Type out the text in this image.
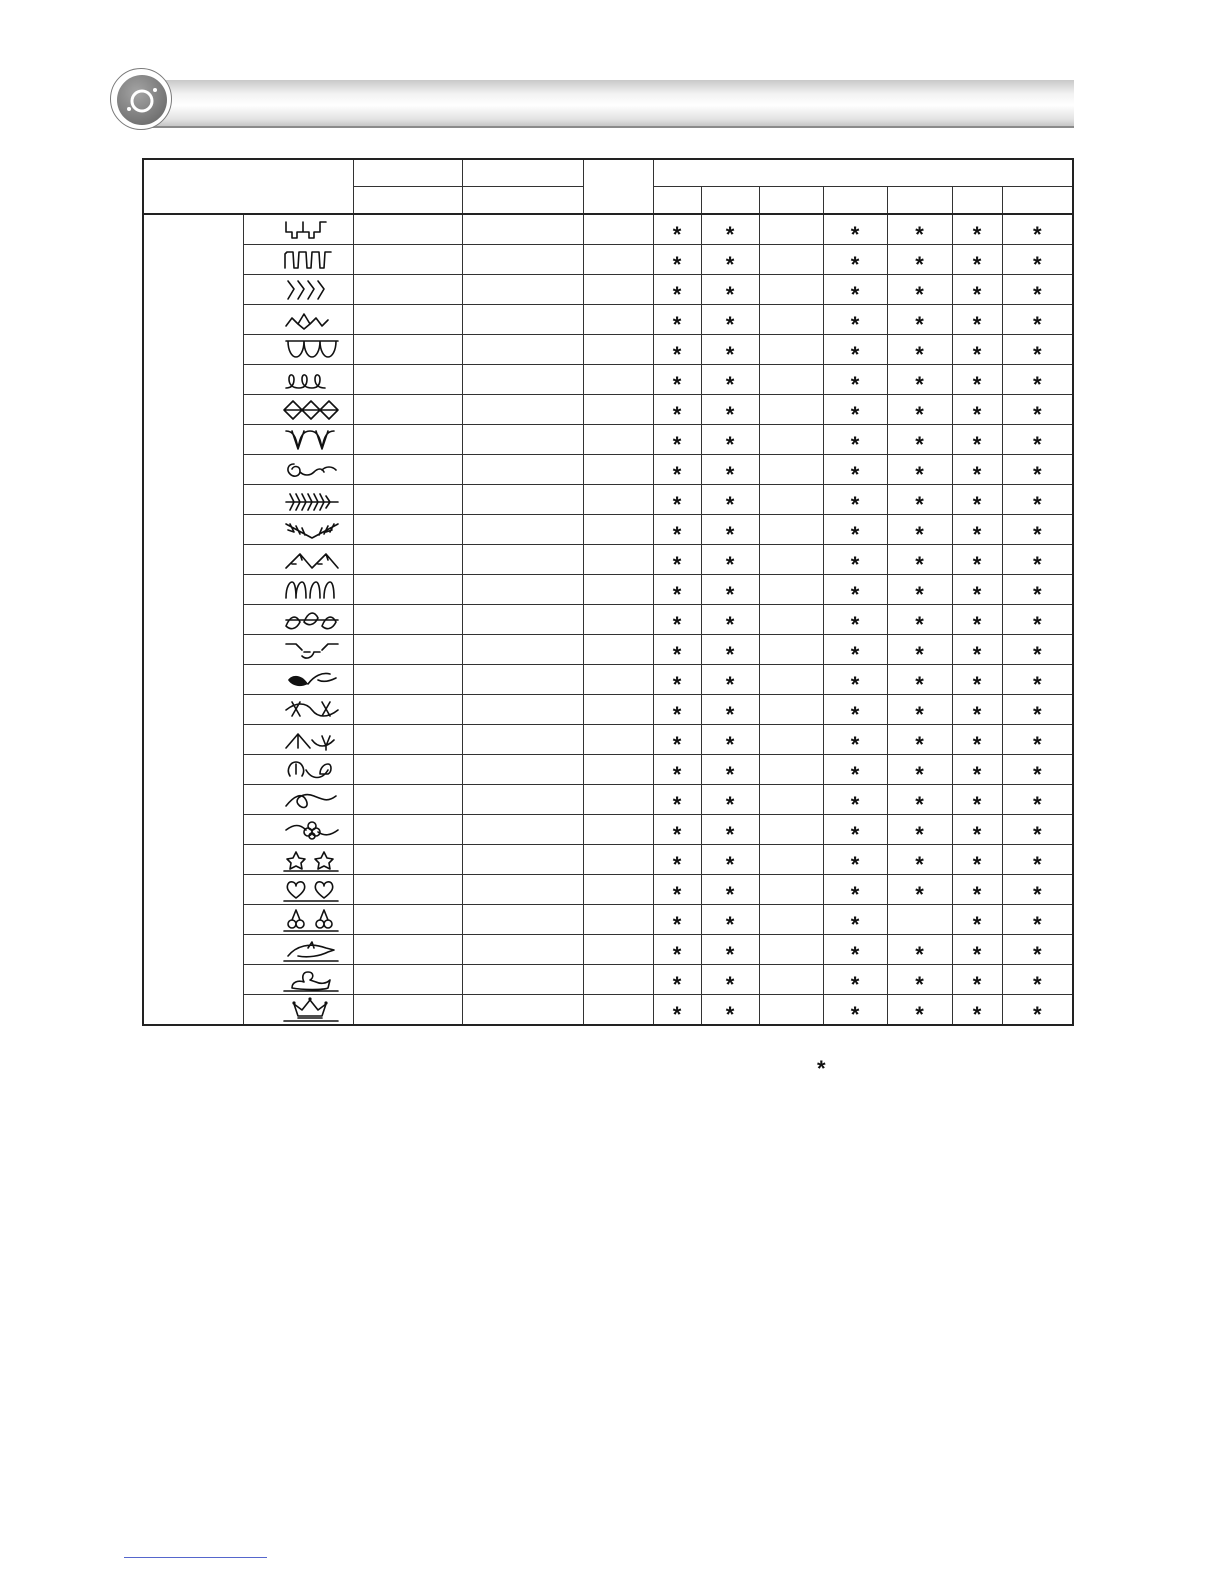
				*	*		*	*	*	*

				*	*		*	*	*	*

				*	*		*	*	*	*

				*	*		*	*	*	*

				*	*		*	*	*	*

				*	*		*	*	*	*

				*	*		*	*	*	*

				*	*		*	*	*	*

				*	*		*	*	*	*

				*	*		*	*	*	*

				*	*		*	*	*	*

				*	*		*	*	*	*

				*	*		*	*	*	*

				*	*		*	*	*	*

				*	*		*	*	*	*

				*	*		*	*	*	*

				*	*		*	*	*	*

				*	*		*	*	*	*

				*	*		*	*	*	*

				*	*		*	*	*	*

				*	*		*	*	*	*

				*	*		*	*	*	*

				*	*		*	*	*	*

				*	*		*		*	*

				*	*		*	*	*	*

				*	*		*	*	*	*

				*	*		*	*	*	*
*
